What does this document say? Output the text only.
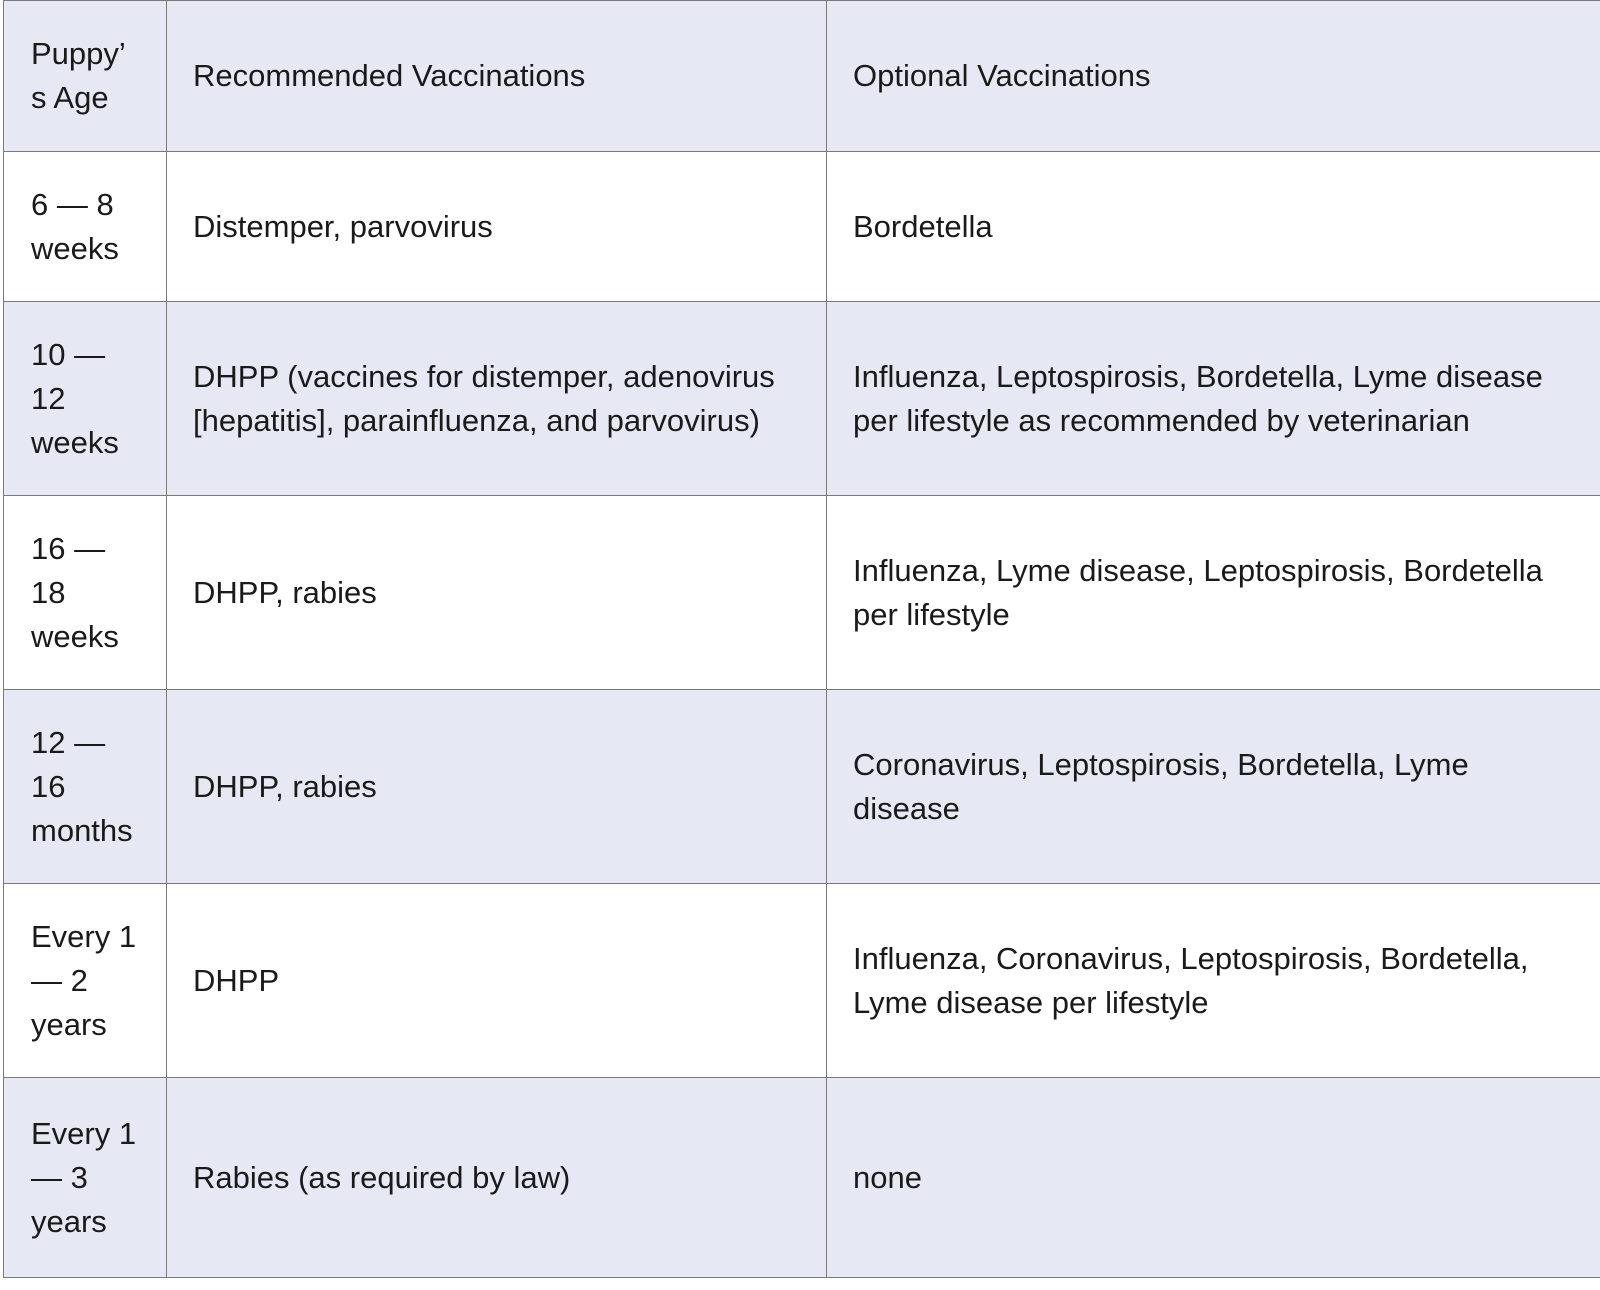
Puppy’s Age	Recommended Vaccinations	Optional Vaccinations
6 — 8 weeks	Distemper, parvovirus	Bordetella
10 — 12 weeks	DHPP (vaccines for distemper, adenovirus [hepatitis], parainfluenza, and parvovirus)	Influenza, Leptospirosis, Bordetella, Lyme disease per lifestyle as recommended by veterinarian
16 — 18 weeks	DHPP, rabies	Influenza, Lyme disease, Leptospirosis, Bordetella per lifestyle
12 — 16 months	DHPP, rabies	Coronavirus, Leptospirosis, Bordetella, Lyme disease
Every 1 — 2 years	DHPP	Influenza, Coronavirus, Leptospirosis, Bordetella, Lyme disease per lifestyle
Every 1 — 3 years	Rabies (as required by law)	none
